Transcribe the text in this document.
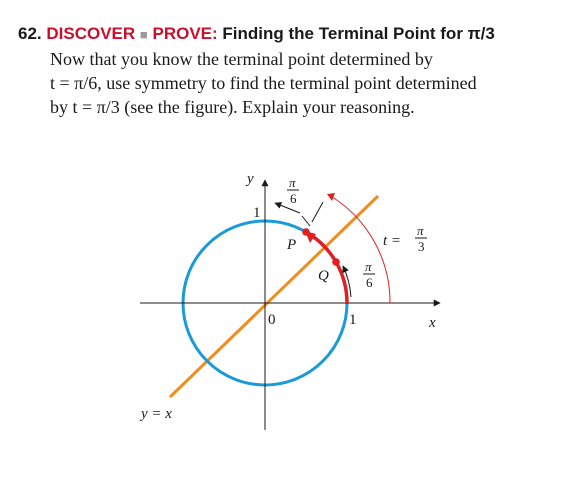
62. DISCOVER ■ PROVE: Finding the Terminal Point for π/3
Now that you know the terminal point determined by
t = π/6, use symmetry to find the terminal point determined
by t = π/3 (see the figure). Explain your reasoning.
y
x
1
1
0
P
Q
π
6
π
6
t =
π
3
y = x
